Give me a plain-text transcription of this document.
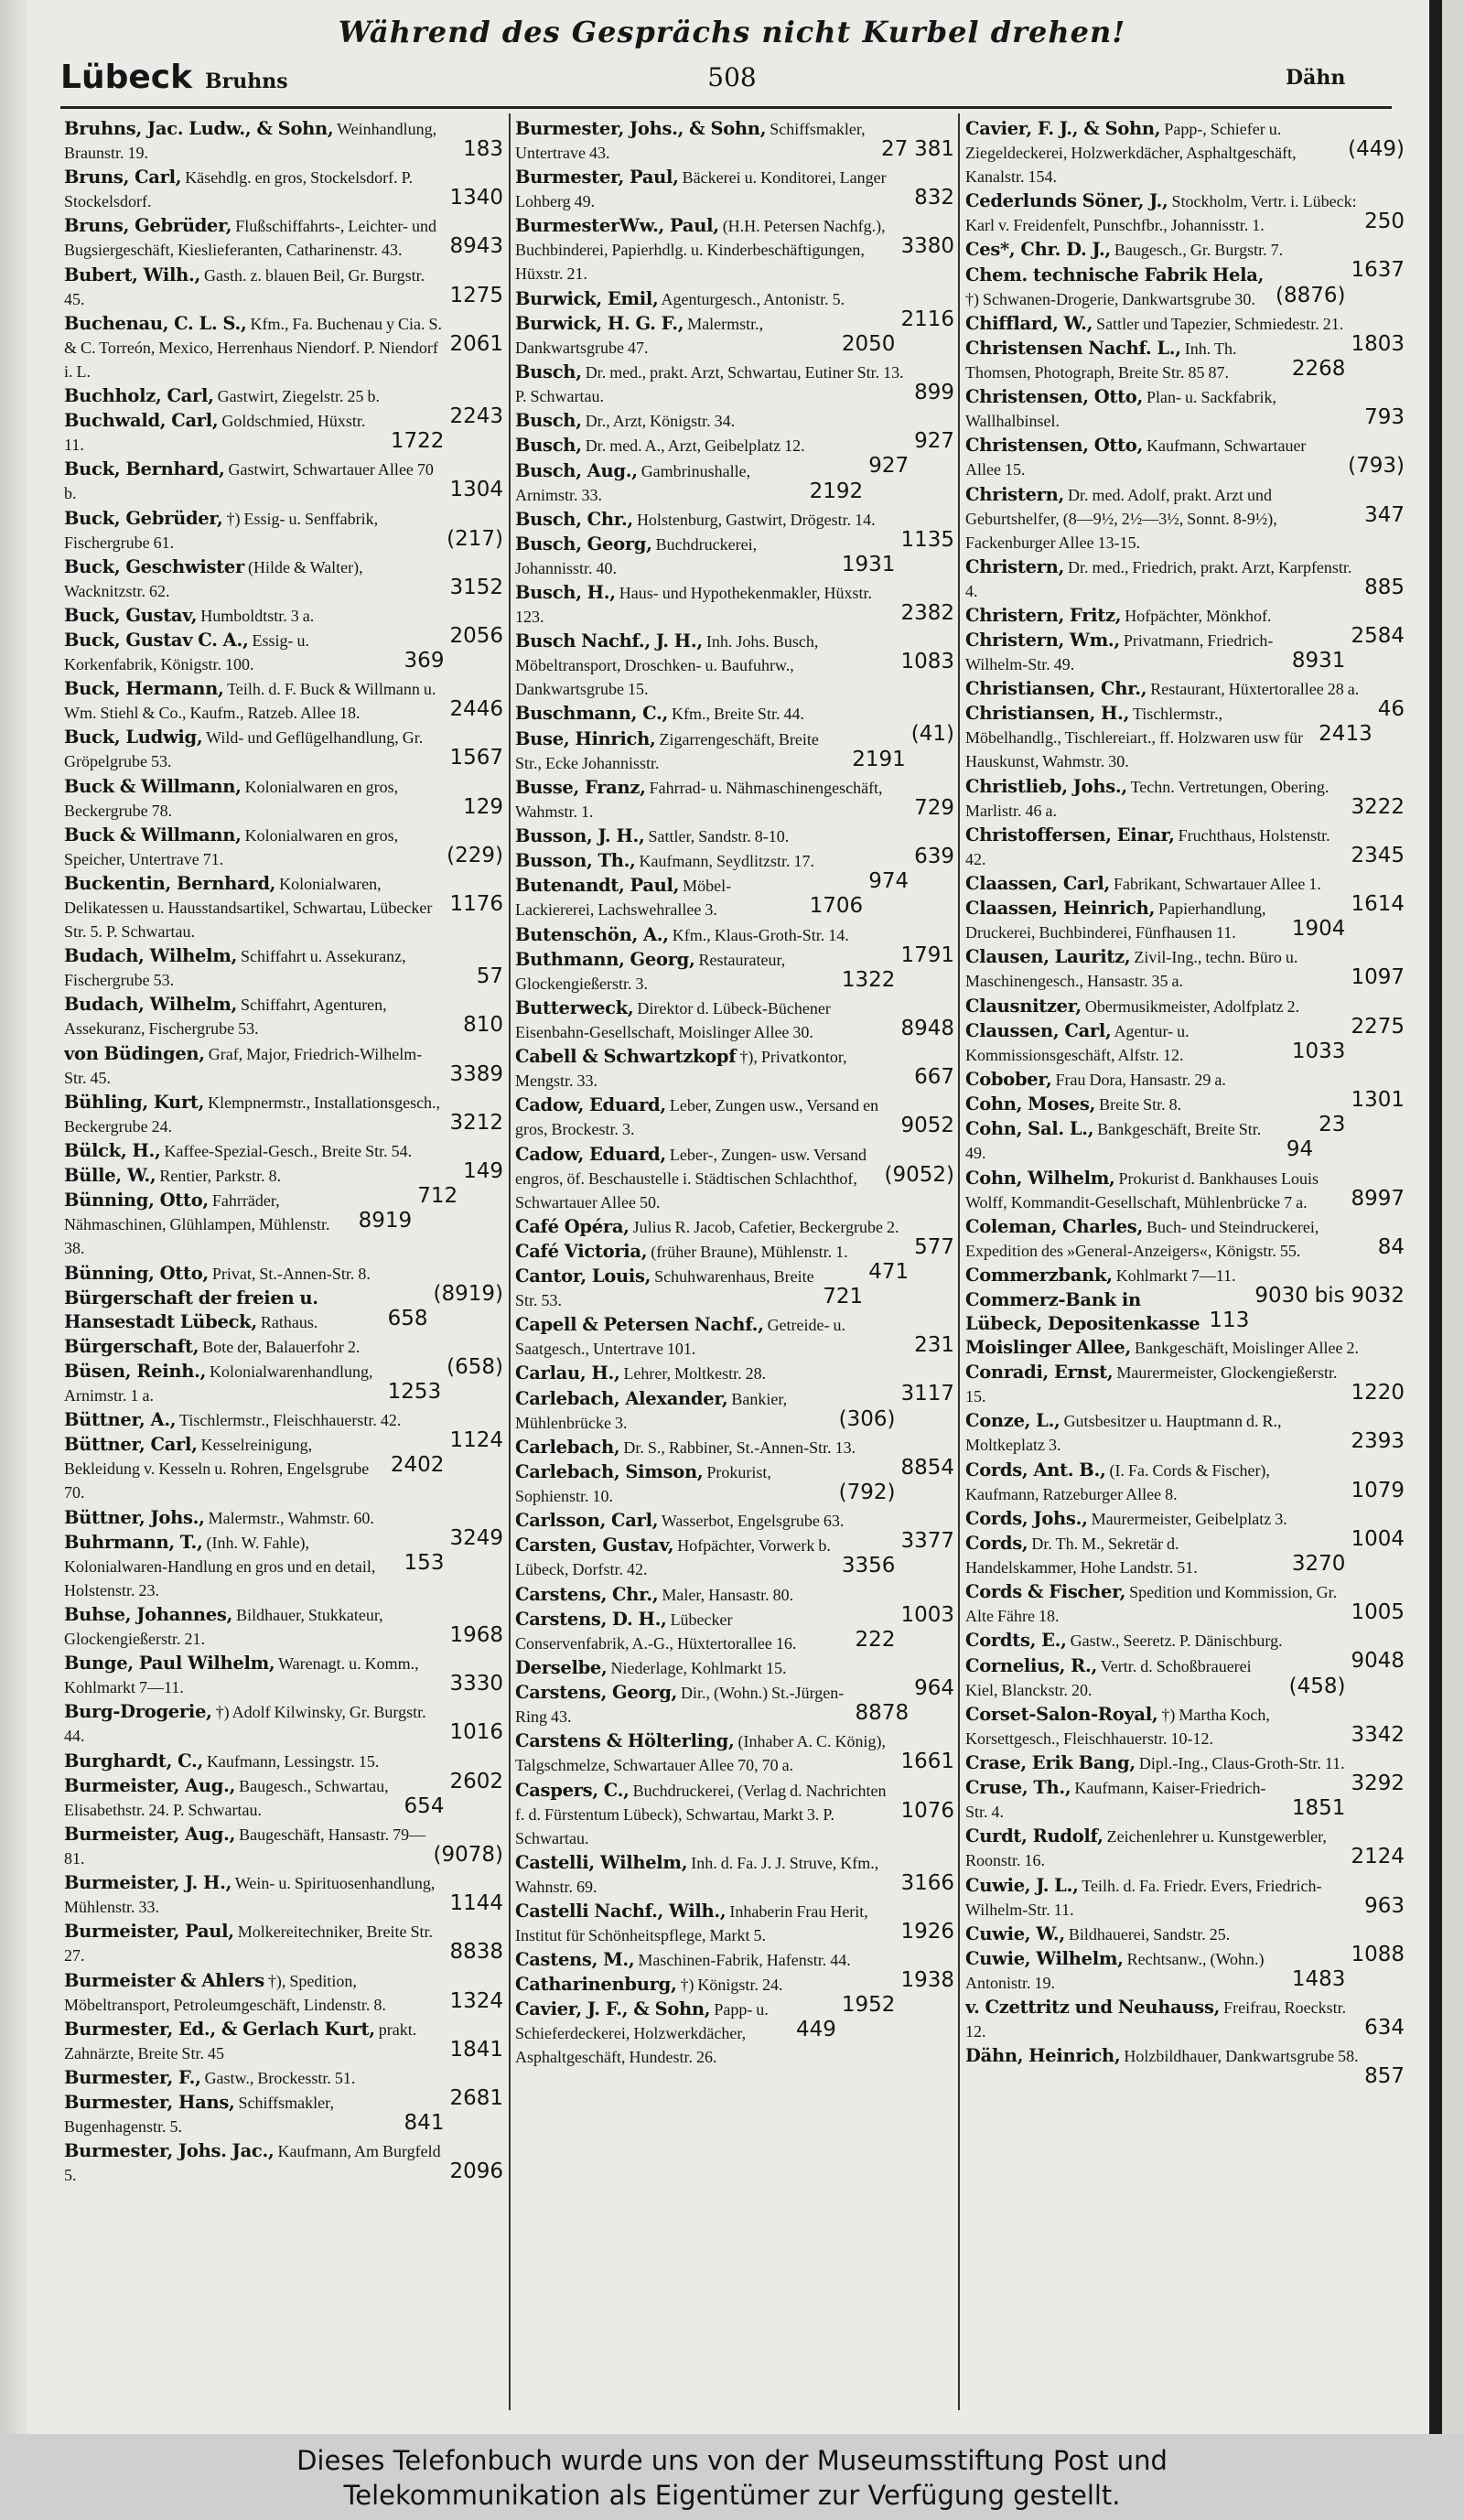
Während des Gesprächs nicht Kurbel drehen!
Lübeck Bruhns	508	Dähn
183
Bruhns, Jac. Ludw., & Sohn, Weinhandlung, Braunstr. 19.
1340
Bruns, Carl, Käsehdlg. en gros, Stockelsdorf. P. Stockelsdorf.
8943
Bruns, Gebrüder, Flußschiffahrts-, Leichter- und Bugsiergeschäft, Kieslieferanten, Catharinenstr. 43.
1275
Bubert, Wilh., Gasth. z. blauen Beil, Gr. Burgstr. 45.
2061
Buchenau, C. L. S., Kfm., Fa. Buchenau y Cia. S. & C. Torreón, Mexico, Herrenhaus Niendorf. P. Niendorf i. L.
2243
Buchholz, Carl, Gastwirt, Ziegelstr. 25 b.
1722
Buchwald, Carl, Goldschmied, Hüxstr. 11.
1304
Buck, Bernhard, Gastwirt, Schwartauer Allee 70 b.
(217)
Buck, Gebrüder, †) Essig- u. Senffabrik, Fischergrube 61.
3152
Buck, Geschwister (Hilde & Walter), Wacknitzstr. 62.
2056
Buck, Gustav, Humboldtstr. 3 a.
369
Buck, Gustav C. A., Essig- u. Korkenfabrik, Königstr. 100.
2446
Buck, Hermann, Teilh. d. F. Buck & Willmann u. Wm. Stiehl & Co., Kaufm., Ratzeb. Allee 18.
1567
Buck, Ludwig, Wild- und Geflügelhandlung, Gr. Gröpelgrube 53.
129
Buck & Willmann, Kolonialwaren en gros, Beckergrube 78.
(229)
Buck & Willmann, Kolonialwaren en gros, Speicher, Untertrave 71.
1176
Buckentin, Bernhard, Kolonialwaren, Delikatessen u. Hausstandsartikel, Schwartau, Lübecker Str. 5. P. Schwartau.
57
Budach, Wilhelm, Schiffahrt u. Assekuranz, Fischergrube 53.
810
Budach, Wilhelm, Schiffahrt, Agenturen, Assekuranz, Fischergrube 53.
3389
von Büdingen, Graf, Major, Friedrich-Wilhelm-Str. 45.
3212
Bühling, Kurt, Klempnermstr., Installationsgesch., Beckergrube 24.
149
Bülck, H., Kaffee-Spezial-Gesch., Breite Str. 54.
712
Bülle, W., Rentier, Parkstr. 8.
8919
Bünning, Otto, Fahrräder, Nähmaschinen, Glühlampen, Mühlenstr. 38.
(8919)
Bünning, Otto, Privat, St.-Annen-Str. 8.
658
Bürgerschaft der freien u. Hansestadt Lübeck, Rathaus.
(658)
Bürgerschaft, Bote der, Balauerfohr 2.
1253
Büsen, Reinh., Kolonialwarenhandlung, Arnimstr. 1 a.
1124
Büttner, A., Tischlermstr., Fleischhauerstr. 42.
2402
Büttner, Carl, Kesselreinigung, Bekleidung v. Kesseln u. Rohren, Engelsgrube 70.
3249
Büttner, Johs., Malermstr., Wahmstr. 60.
153
Buhrmann, T., (Inh. W. Fahle), Kolonialwaren-Handlung en gros und en detail, Holstenstr. 23.
1968
Buhse, Johannes, Bildhauer, Stukkateur, Glockengießerstr. 21.
3330
Bunge, Paul Wilhelm, Warenagt. u. Komm., Kohlmarkt 7—11.
1016
Burg-Drogerie, †) Adolf Kilwinsky, Gr. Burgstr. 44.
2602
Burghardt, C., Kaufmann, Lessingstr. 15.
654
Burmeister, Aug., Baugesch., Schwartau, Elisabethstr. 24. P. Schwartau.
(9078)
Burmeister, Aug., Baugeschäft, Hansastr. 79—81.
1144
Burmeister, J. H., Wein- u. Spirituosenhandlung, Mühlenstr. 33.
8838
Burmeister, Paul, Molkereitechniker, Breite Str. 27.
1324
Burmeister & Ahlers †), Spedition, Möbeltransport, Petroleumgeschäft, Lindenstr. 8.
1841
Burmester, Ed., & Gerlach Kurt, prakt. Zahnärzte, Breite Str. 45
2681
Burmester, F., Gastw., Brockesstr. 51.
841
Burmester, Hans, Schiffsmakler, Bugenhagenstr. 5.
2096
Burmester, Johs. Jac., Kaufmann, Am Burgfeld 5.
27 381
Burmester, Johs., & Sohn, Schiffsmakler, Untertrave 43.
832
Burmester, Paul, Bäckerei u. Konditorei, Langer Lohberg 49.
3380
BurmesterWw., Paul, (H.H. Petersen Nachfg.), Buchbinderei, Papierhdlg. u. Kinderbeschäftigungen, Hüxstr. 21.
2116
Burwick, Emil, Agenturgesch., Antonistr. 5.
2050
Burwick, H. G. F., Malermstr., Dankwartsgrube 47.
899
Busch, Dr. med., prakt. Arzt, Schwartau, Eutiner Str. 13. P. Schwartau.
927
Busch, Dr., Arzt, Königstr. 34.
927
Busch, Dr. med. A., Arzt, Geibelplatz 12.
2192
Busch, Aug., Gambrinushalle, Arnimstr. 33.
1135
Busch, Chr., Holstenburg, Gastwirt, Drögestr. 14.
1931
Busch, Georg, Buchdruckerei, Johannisstr. 40.
2382
Busch, H., Haus- und Hypothekenmakler, Hüxstr. 123.
1083
Busch Nachf., J. H., Inh. Johs. Busch, Möbeltransport, Droschken- u. Baufuhrw., Dankwartsgrube 15.
(41)
Buschmann, C., Kfm., Breite Str. 44.
2191
Buse, Hinrich, Zigarrengeschäft, Breite Str., Ecke Johannisstr.
729
Busse, Franz, Fahrrad- u. Nähmaschinengeschäft, Wahmstr. 1.
639
Busson, J. H., Sattler, Sandstr. 8-10.
974
Busson, Th., Kaufmann, Seydlitzstr. 17.
1706
Butenandt, Paul, Möbel-Lackiererei, Lachswehrallee 3.
1791
Butenschön, A., Kfm., Klaus-Groth-Str. 14.
1322
Buthmann, Georg, Restaurateur, Glockengießerstr. 3.
8948
Butterweck, Direktor d. Lübeck-Büchener Eisenbahn-Gesellschaft, Moislinger Allee 30.
667
Cabell & Schwartzkopf †), Privatkontor, Mengstr. 33.
9052
Cadow, Eduard, Leber, Zungen usw., Versand en gros, Brockestr. 3.
(9052)
Cadow, Eduard, Leber-, Zungen- usw. Versand engros, öf. Beschaustelle i. Städtischen Schlachthof, Schwartauer Allee 50.
577
Café Opéra, Julius R. Jacob, Cafetier, Beckergrube 2.
471
Café Victoria, (früher Braune), Mühlenstr. 1.
721
Cantor, Louis, Schuhwarenhaus, Breite Str. 53.
231
Capell & Petersen Nachf., Getreide- u. Saatgesch., Untertrave 101.
3117
Carlau, H., Lehrer, Moltkestr. 28.
(306)
Carlebach, Alexander, Bankier, Mühlenbrücke 3.
8854
Carlebach, Dr. S., Rabbiner, St.-Annen-Str. 13.
(792)
Carlebach, Simson, Prokurist, Sophienstr. 10.
3377
Carlsson, Carl, Wasserbot, Engelsgrube 63.
3356
Carsten, Gustav, Hofpächter, Vorwerk b. Lübeck, Dorfstr. 42.
1003
Carstens, Chr., Maler, Hansastr. 80.
222
Carstens, D. H., Lübecker Conservenfabrik, A.-G., Hüxtertorallee 16.
964
Derselbe, Niederlage, Kohlmarkt 15.
8878
Carstens, Georg, Dir., (Wohn.) St.-Jürgen-Ring 43.
1661
Carstens & Hölterling, (Inhaber A. C. König), Talgschmelze, Schwartauer Allee 70, 70 a.
1076
Caspers, C., Buchdruckerei, (Verlag d. Nachrichten f. d. Fürstentum Lübeck), Schwartau, Markt 3. P. Schwartau.
3166
Castelli, Wilhelm, Inh. d. Fa. J. J. Struve, Kfm., Wahnstr. 69.
1926
Castelli Nachf., Wilh., Inhaberin Frau Herit, Institut für Schönheitspflege, Markt 5.
1938
Castens, M., Maschinen-Fabrik, Hafenstr. 44.
1952
Catharinenburg, †) Königstr. 24.
449
Cavier, J. F., & Sohn, Papp- u. Schieferdeckerei, Holzwerkdächer, Asphaltgeschäft, Hundestr. 26.
(449)
Cavier, F. J., & Sohn, Papp-, Schiefer u. Ziegeldeckerei, Holzwerkdächer, Asphaltgeschäft, Kanalstr. 154.
250
Cederlunds Söner, J., Stockholm, Vertr. i. Lübeck: Karl v. Freidenfelt, Punschfbr., Johannisstr. 1.
1637
Ces*, Chr. D. J., Baugesch., Gr. Burgstr. 7.
(8876)
Chem. technische Fabrik Hela, †) Schwanen-Drogerie, Dankwartsgrube 30.
1803
Chifflard, W., Sattler und Tapezier, Schmiedestr. 21.
2268
Christensen Nachf. L., Inh. Th. Thomsen, Photograph, Breite Str. 85 87.
793
Christensen, Otto, Plan- u. Sackfabrik, Wallhalbinsel.
(793)
Christensen, Otto, Kaufmann, Schwartauer Allee 15.
347
Christern, Dr. med. Adolf, prakt. Arzt und Geburtshelfer, (8—9½, 2½—3½, Sonnt. 8-9½), Fackenburger Allee 13-15.
885
Christern, Dr. med., Friedrich, prakt. Arzt, Karpfenstr. 4.
2584
Christern, Fritz, Hofpächter, Mönkhof.
8931
Christern, Wm., Privatmann, Friedrich-Wilhelm-Str. 49.
46
Christiansen, Chr., Restaurant, Hüxtertorallee 28 a.
2413
Christiansen, H., Tischlermstr., Möbelhandlg., Tischlereiart., ff. Holzwaren usw für Hauskunst, Wahmstr. 30.
3222
Christlieb, Johs., Techn. Vertretungen, Obering. Marlistr. 46 a.
2345
Christoffersen, Einar, Fruchthaus, Holstenstr. 42.
1614
Claassen, Carl, Fabrikant, Schwartauer Allee 1.
1904
Claassen, Heinrich, Papierhandlung, Druckerei, Buchbinderei, Fünfhausen 11.
1097
Clausen, Lauritz, Zivil-Ing., techn. Büro u. Maschinengesch., Hansastr. 35 a.
2275
Clausnitzer, Obermusikmeister, Adolfplatz 2.
1033
Claussen, Carl, Agentur- u. Kommissionsgeschäft, Alfstr. 12.
1301
Cobober, Frau Dora, Hansastr. 29 a.
23
Cohn, Moses, Breite Str. 8.
94
Cohn, Sal. L., Bankgeschäft, Breite Str. 49.
8997
Cohn, Wilhelm, Prokurist d. Bankhauses Louis Wolff, Kommandit-Gesellschaft, Mühlenbrücke 7 a.
84
Coleman, Charles, Buch- und Steindruckerei, Expedition des »General-Anzeigers«, Königstr. 55.
9030 bis 9032
Commerzbank, Kohlmarkt 7—11.
113
Commerz-Bank in Lübeck, Depositenkasse Moislinger Allee, Bankgeschäft, Moislinger Allee 2.
1220
Conradi, Ernst, Maurermeister, Glockengießerstr. 15.
2393
Conze, L., Gutsbesitzer u. Hauptmann d. R., Moltkeplatz 3.
1079
Cords, Ant. B., (I. Fa. Cords & Fischer), Kaufmann, Ratzeburger Allee 8.
1004
Cords, Johs., Maurermeister, Geibelplatz 3.
3270
Cords, Dr. Th. M., Sekretär d. Handelskammer, Hohe Landstr. 51.
1005
Cords & Fischer, Spedition und Kommission, Gr. Alte Fähre 18.
9048
Cordts, E., Gastw., Seeretz. P. Dänischburg.
(458)
Cornelius, R., Vertr. d. Schoßbrauerei Kiel, Blanckstr. 20.
3342
Corset-Salon-Royal, †) Martha Koch, Korsettgesch., Fleischhauerstr. 10-12.
3292
Crase, Erik Bang, Dipl.-Ing., Claus-Groth-Str. 11.
1851
Cruse, Th., Kaufmann, Kaiser-Friedrich-Str. 4.
2124
Curdt, Rudolf, Zeichenlehrer u. Kunstgewerbler, Roonstr. 16.
963
Cuwie, J. L., Teilh. d. Fa. Friedr. Evers, Friedrich-Wilhelm-Str. 11.
1088
Cuwie, W., Bildhauerei, Sandstr. 25.
1483
Cuwie, Wilhelm, Rechtsanw., (Wohn.) Antonistr. 19.
634
v. Czettritz und Neuhauss, Freifrau, Roeckstr. 12.
857
Dähn, Heinrich, Holzbildhauer, Dankwartsgrube 58.
Dieses Telefonbuch wurde uns von der Museumsstiftung Post und
Telekommunikation als Eigentümer zur Verfügung gestellt.
